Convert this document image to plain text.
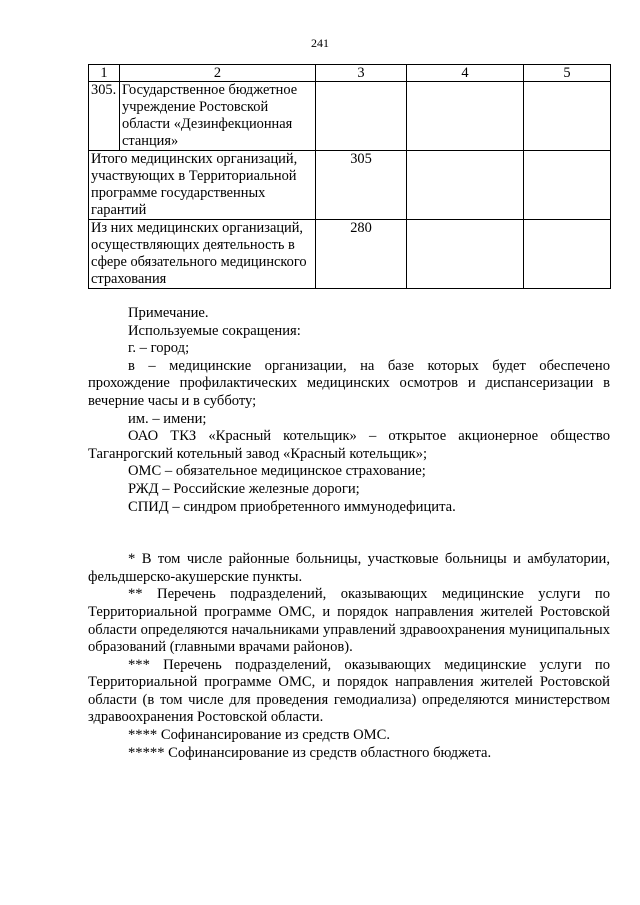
241
1	2	3	4	5
305.	Государственное бюджетное учреждение Ростовской области «Дезинфекционная станция»			
Итого медицинских организаций, участвующих в Территориальной программе государственных гарантий		305		
Из них медицинских организаций, осуществляющих деятельность в сфере обязательного медицинского страхования		280		

Примечание.

Используемые сокращения:

г. – город;

в – медицинские организации, на базе которых будет обеспечено прохождение профилактических медицинских осмотров и диспансеризации в вечерние часы и в субботу;

им. – имени;

ОАО ТКЗ «Красный котельщик» – открытое акционерное общество Таганрогский котельный завод «Красный котельщик»;

ОМС – обязательное медицинское страхование;

РЖД – Российские железные дороги;

СПИД – синдром приобретенного иммунодефицита.

* В том числе районные больницы, участковые больницы и амбулатории, фельдшерско-акушерские пункты.

** Перечень подразделений, оказывающих медицинские услуги по Территориальной программе ОМС, и порядок направления жителей Ростовской области определяются начальниками управлений здравоохранения муниципальных образований (главными врачами районов).

*** Перечень подразделений, оказывающих медицинские услуги по Территориальной программе ОМС, и порядок направления жителей Ростовской области (в том числе для проведения гемодиализа) определяются министерством здравоохранения Ростовской области.

**** Софинансирование из средств ОМС.

***** Софинансирование из средств областного бюджета.
